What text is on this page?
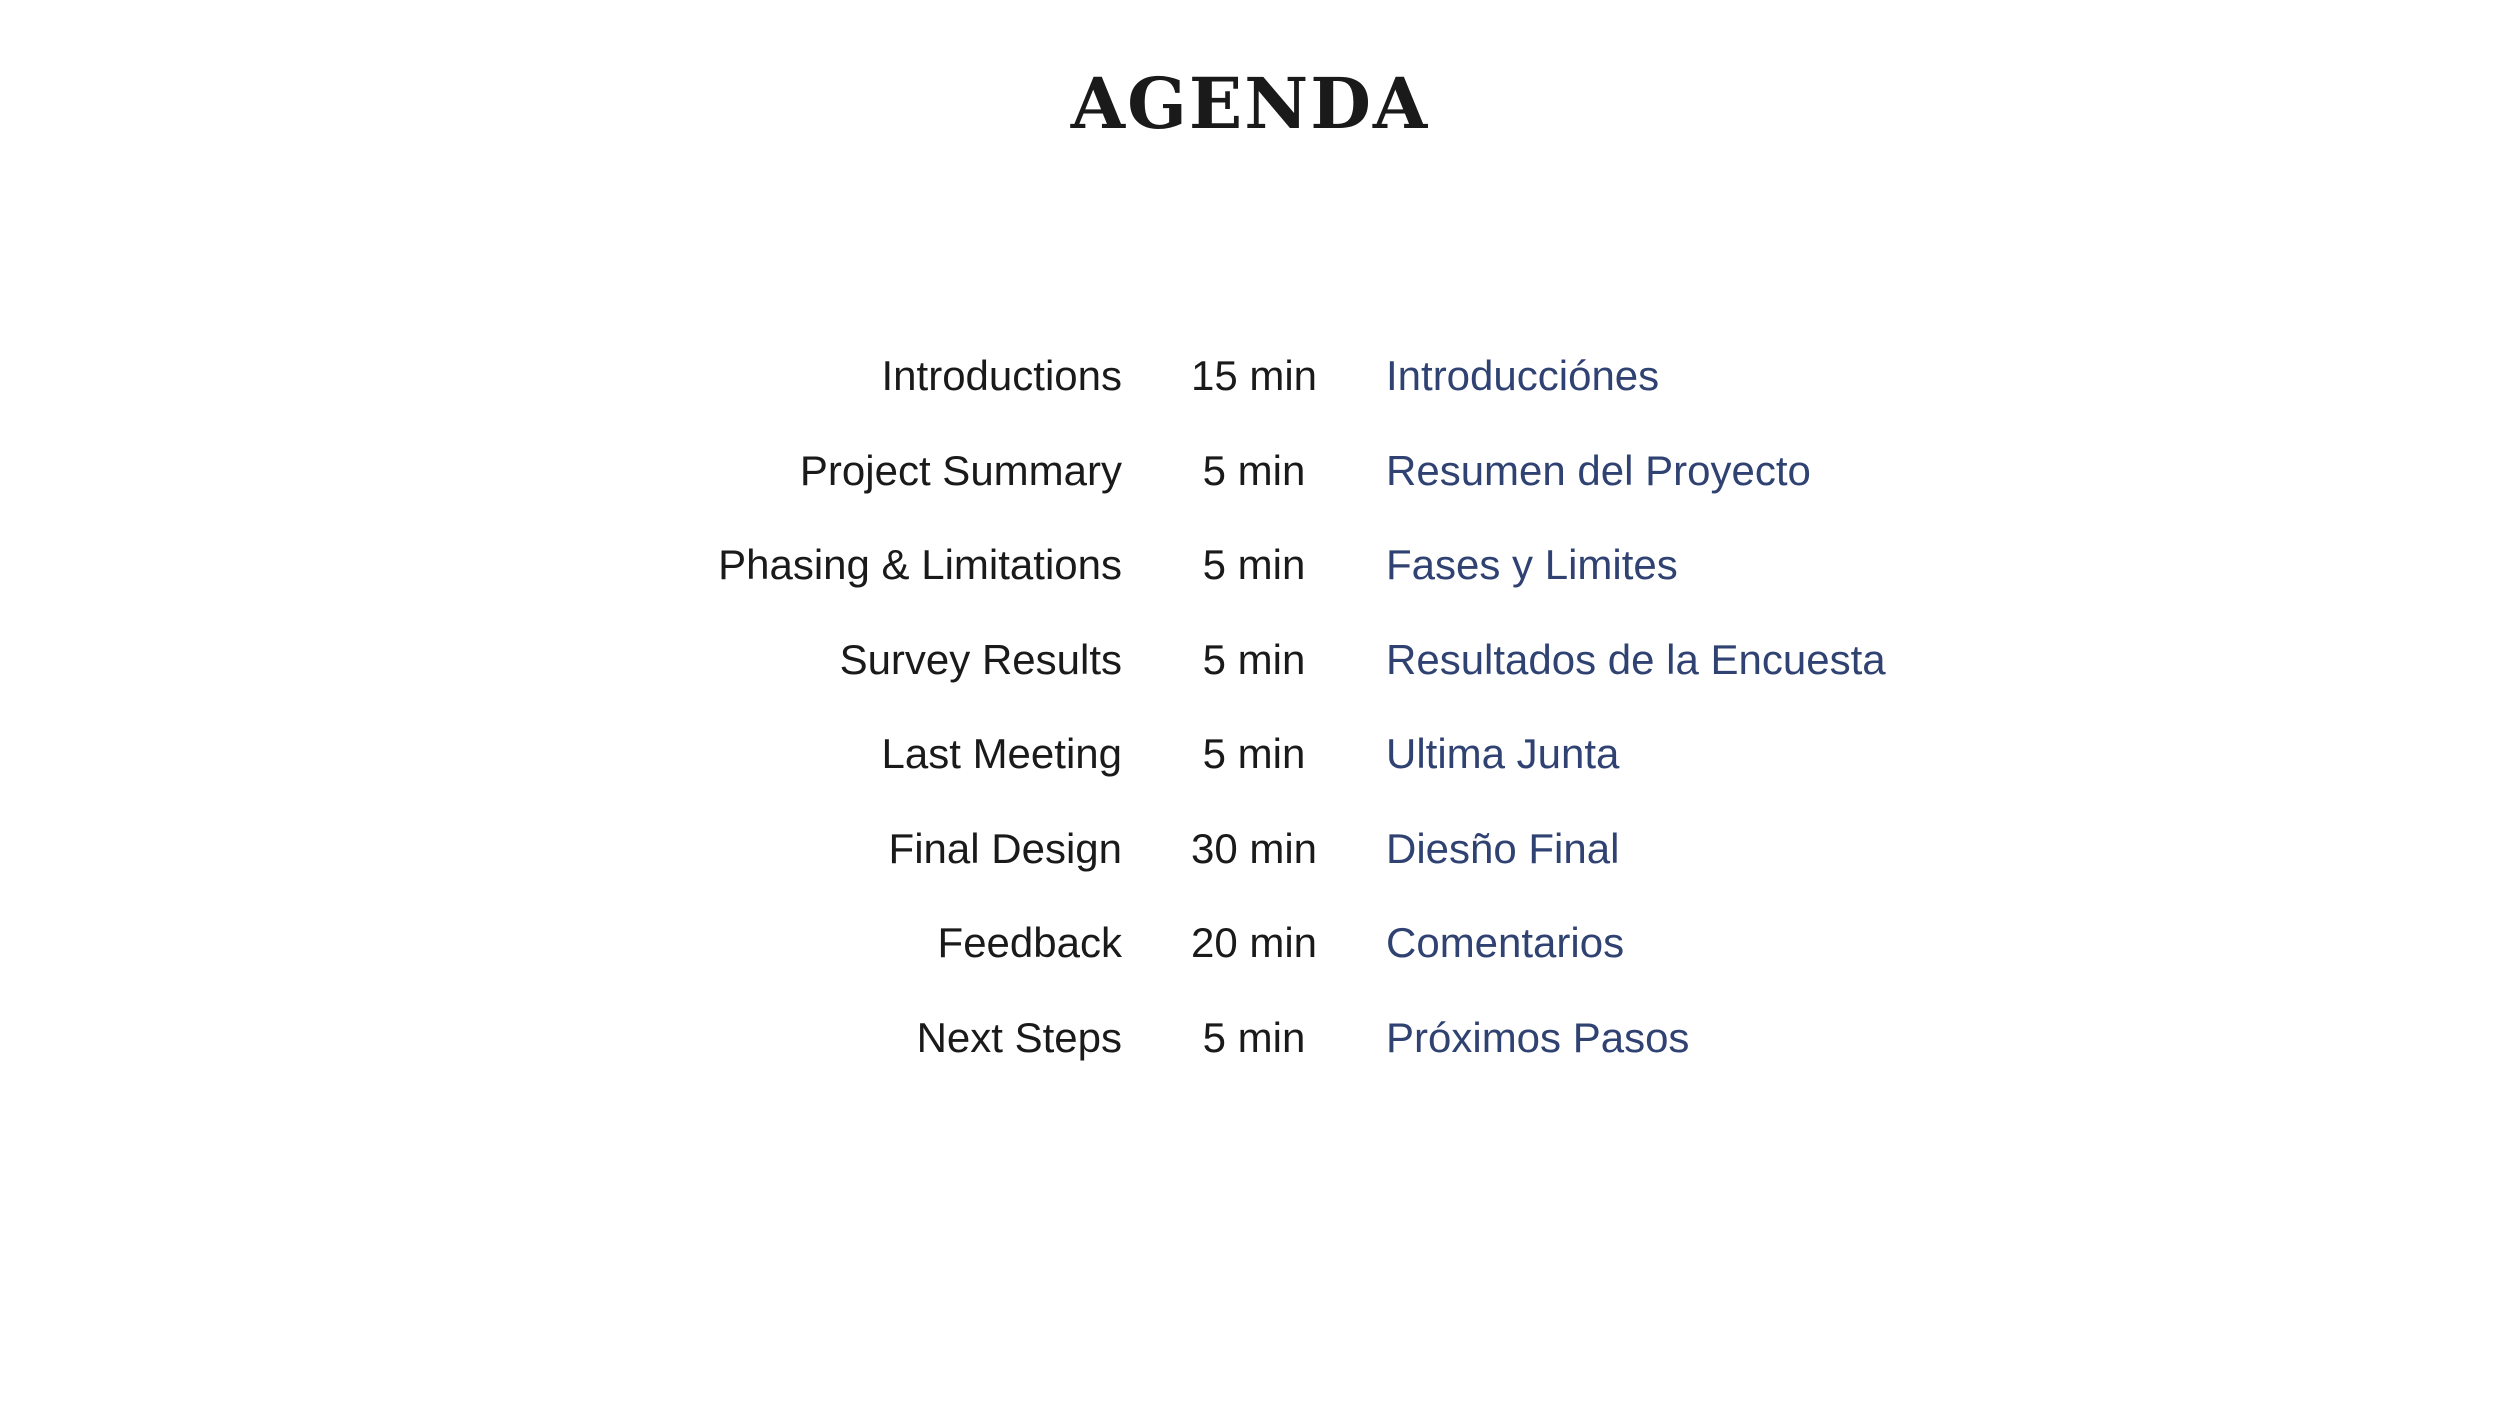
AGENDA
Introductions	15 min	Introducciónes
Project Summary	5 min	Resumen del Proyecto
Phasing & Limitations	5 min	Fases y Limites
Survey Results	5 min	Resultados de la Encuesta
Last Meeting	5 min	Ultima Junta
Final Design	30 min	Diesño Final
Feedback	20 min	Comentarios
Next Steps	5 min	Próximos Pasos
